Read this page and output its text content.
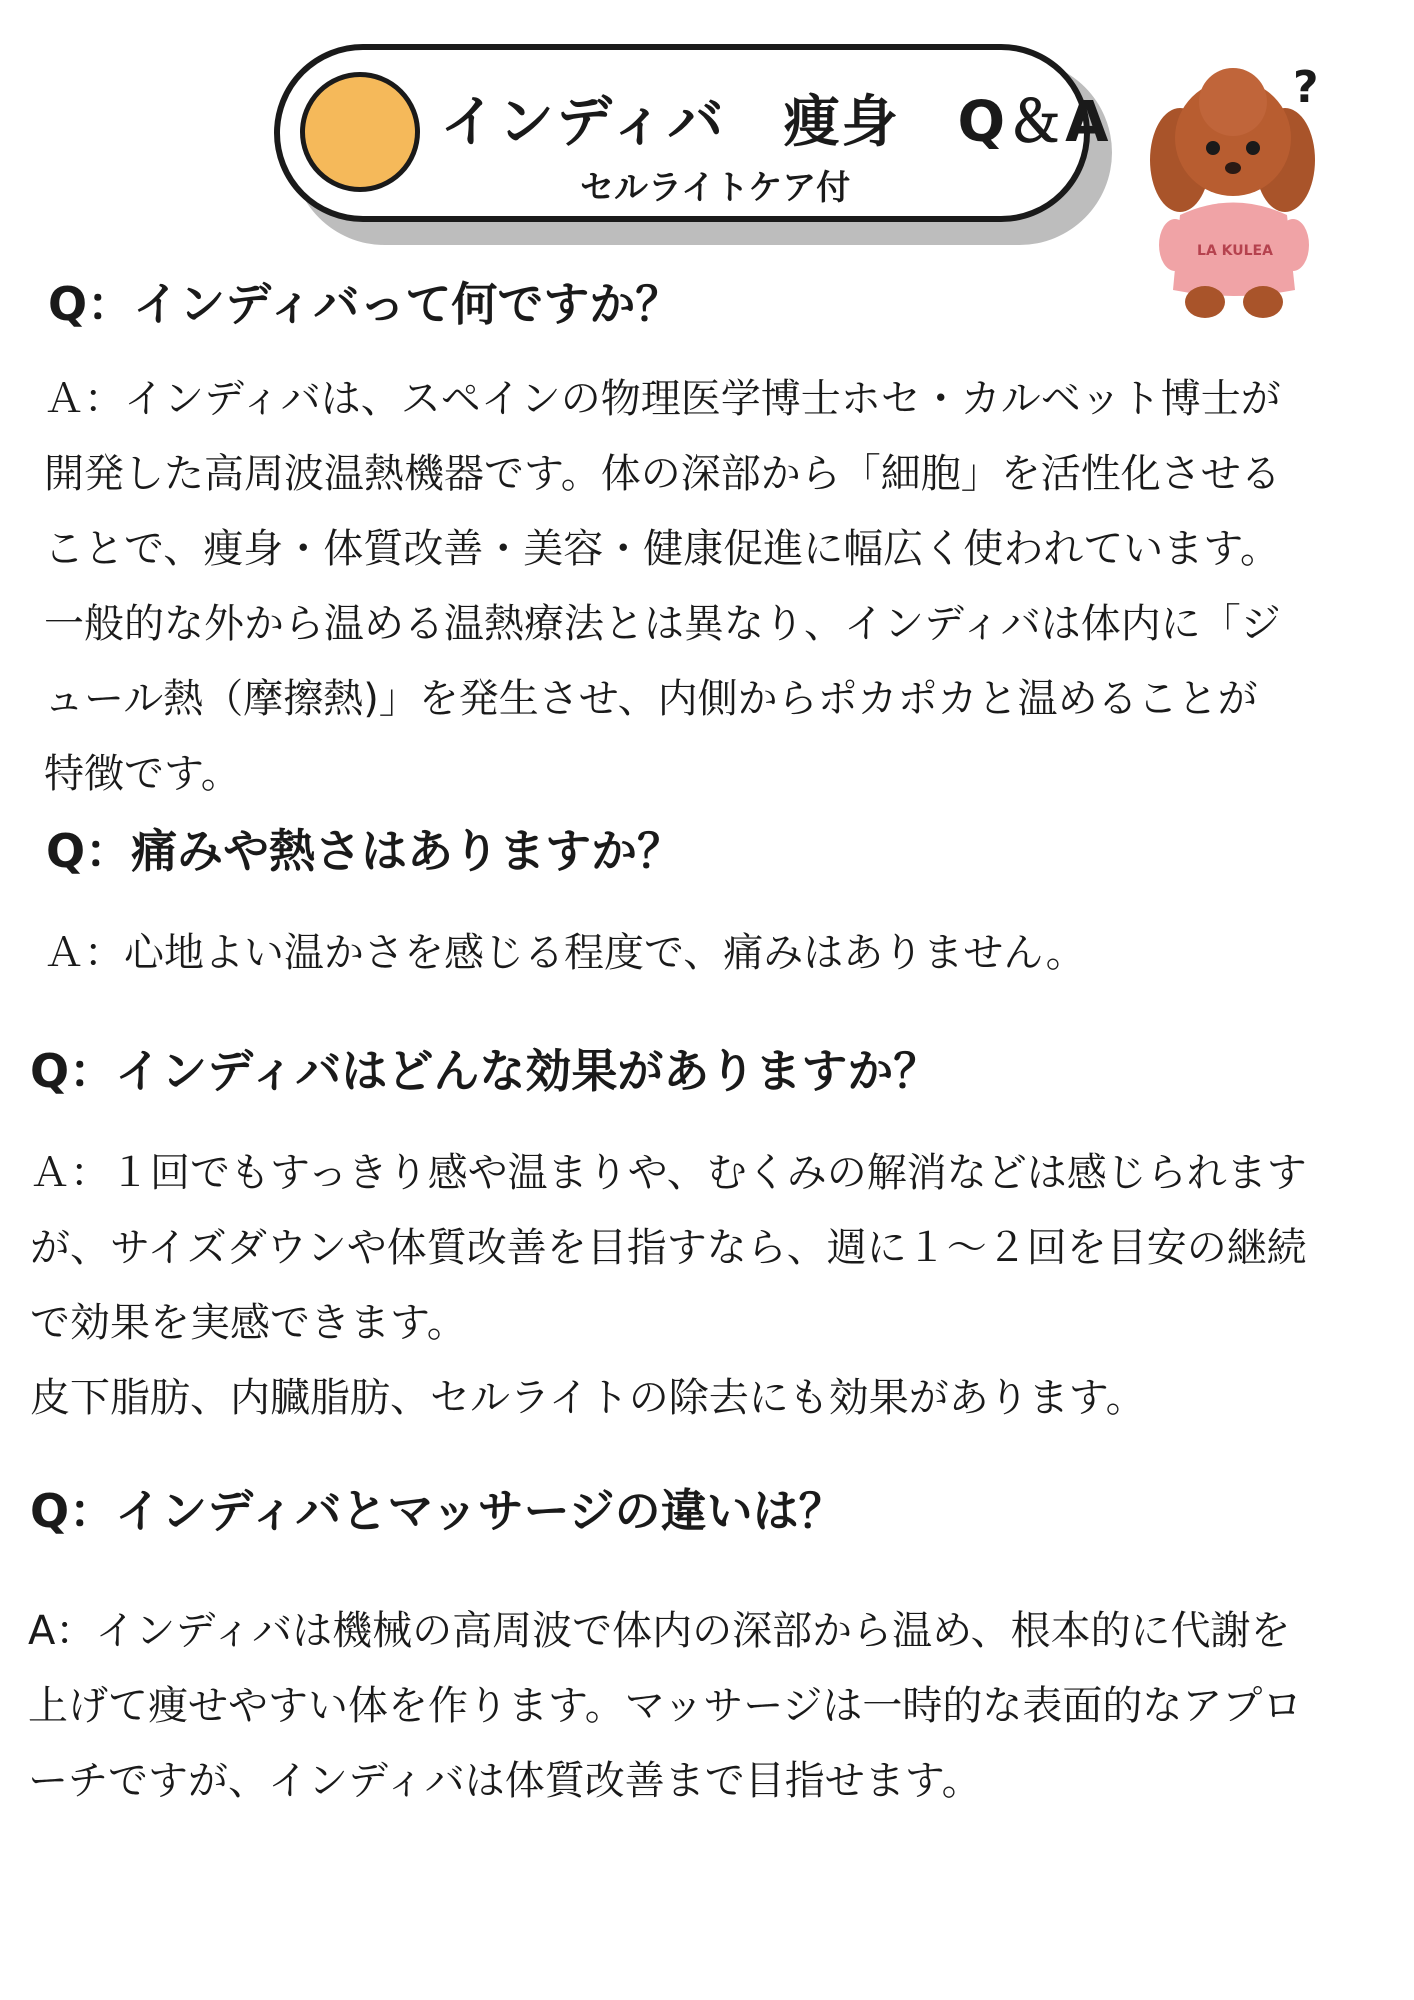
インディバ　痩身　Q＆A
セルライトケア付
?
LA KULEA
Q：インディバって何ですか？
Ａ：インディバは、スペインの物理医学博士ホセ・カルベット博士が
開発した高周波温熱機器です。体の深部から「細胞」を活性化させる
ことで、痩身・体質改善・美容・健康促進に幅広く使われています。
一般的な外から温める温熱療法とは異なり、インディバは体内に「ジ
ュール熱（摩擦熱)」を発生させ、内側からポカポカと温めることが
特徴です。
Q：痛みや熱さはありますか？
Ａ：心地よい温かさを感じる程度で、痛みはありません。
Q：インディバはどんな効果がありますか？
Ａ：１回でもすっきり感や温まりや、むくみの解消などは感じられます
が、サイズダウンや体質改善を目指すなら、週に１～２回を目安の継続
で効果を実感できます。
皮下脂肪、内臓脂肪、セルライトの除去にも効果があります。
Q：インディバとマッサージの違いは？
A：インディバは機械の高周波で体内の深部から温め、根本的に代謝を
上げて痩せやすい体を作ります。マッサージは一時的な表面的なアプロ
ーチですが、インディバは体質改善まで目指せます。
